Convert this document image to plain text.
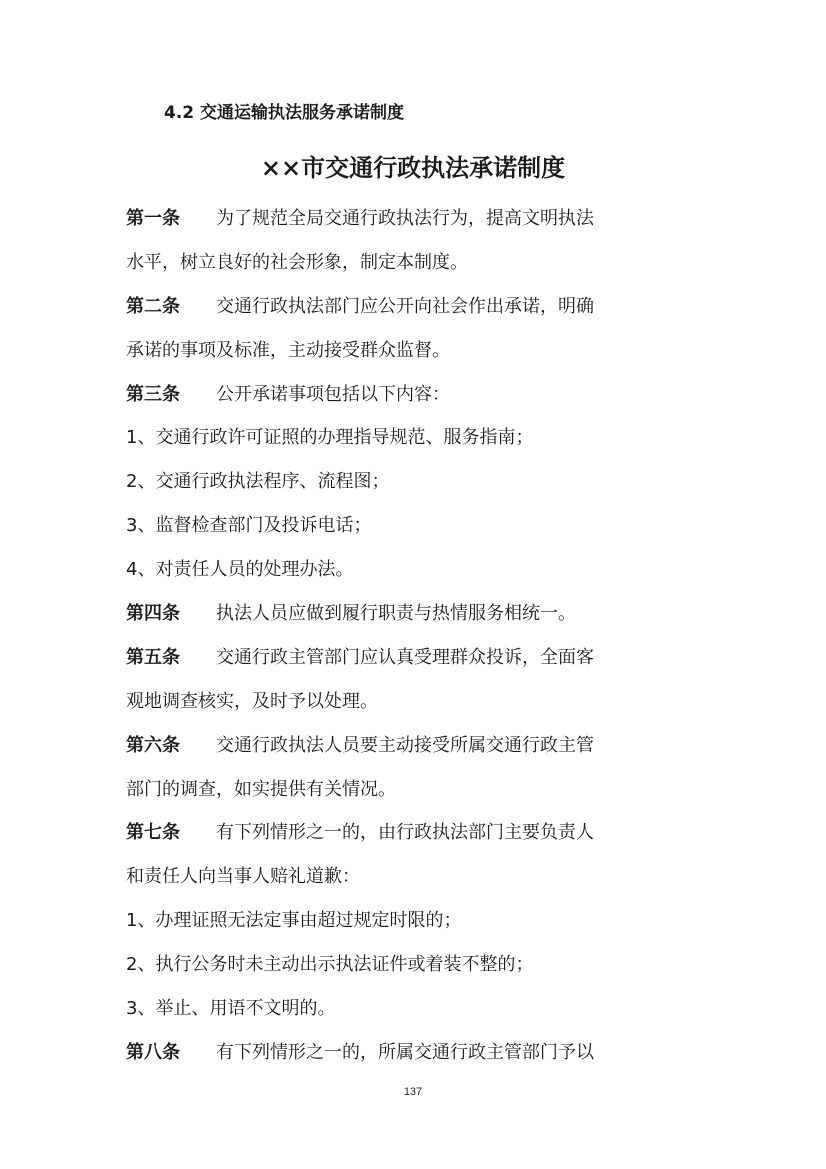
4.2 交通运输执法服务承诺制度
××市交通行政执法承诺制度
第一条 为了规范全局交通行政执法行为，提高文明执法
水平，树立良好的社会形象，制定本制度。
第二条 交通行政执法部门应公开向社会作出承诺，明确
承诺的事项及标准，主动接受群众监督。
第三条 公开承诺事项包括以下内容：
1、交通行政许可证照的办理指导规范、服务指南；
2、交通行政执法程序、流程图；
3、监督检查部门及投诉电话；
4、对责任人员的处理办法。
第四条 执法人员应做到履行职责与热情服务相统一。
第五条 交通行政主管部门应认真受理群众投诉，全面客
观地调查核实，及时予以处理。
第六条 交通行政执法人员要主动接受所属交通行政主管
部门的调查，如实提供有关情况。
第七条 有下列情形之一的，由行政执法部门主要负责人
和责任人向当事人赔礼道歉：
1、办理证照无法定事由超过规定时限的；
2、执行公务时未主动出示执法证件或着装不整的；
3、举止、用语不文明的。
第八条 有下列情形之一的，所属交通行政主管部门予以
137
